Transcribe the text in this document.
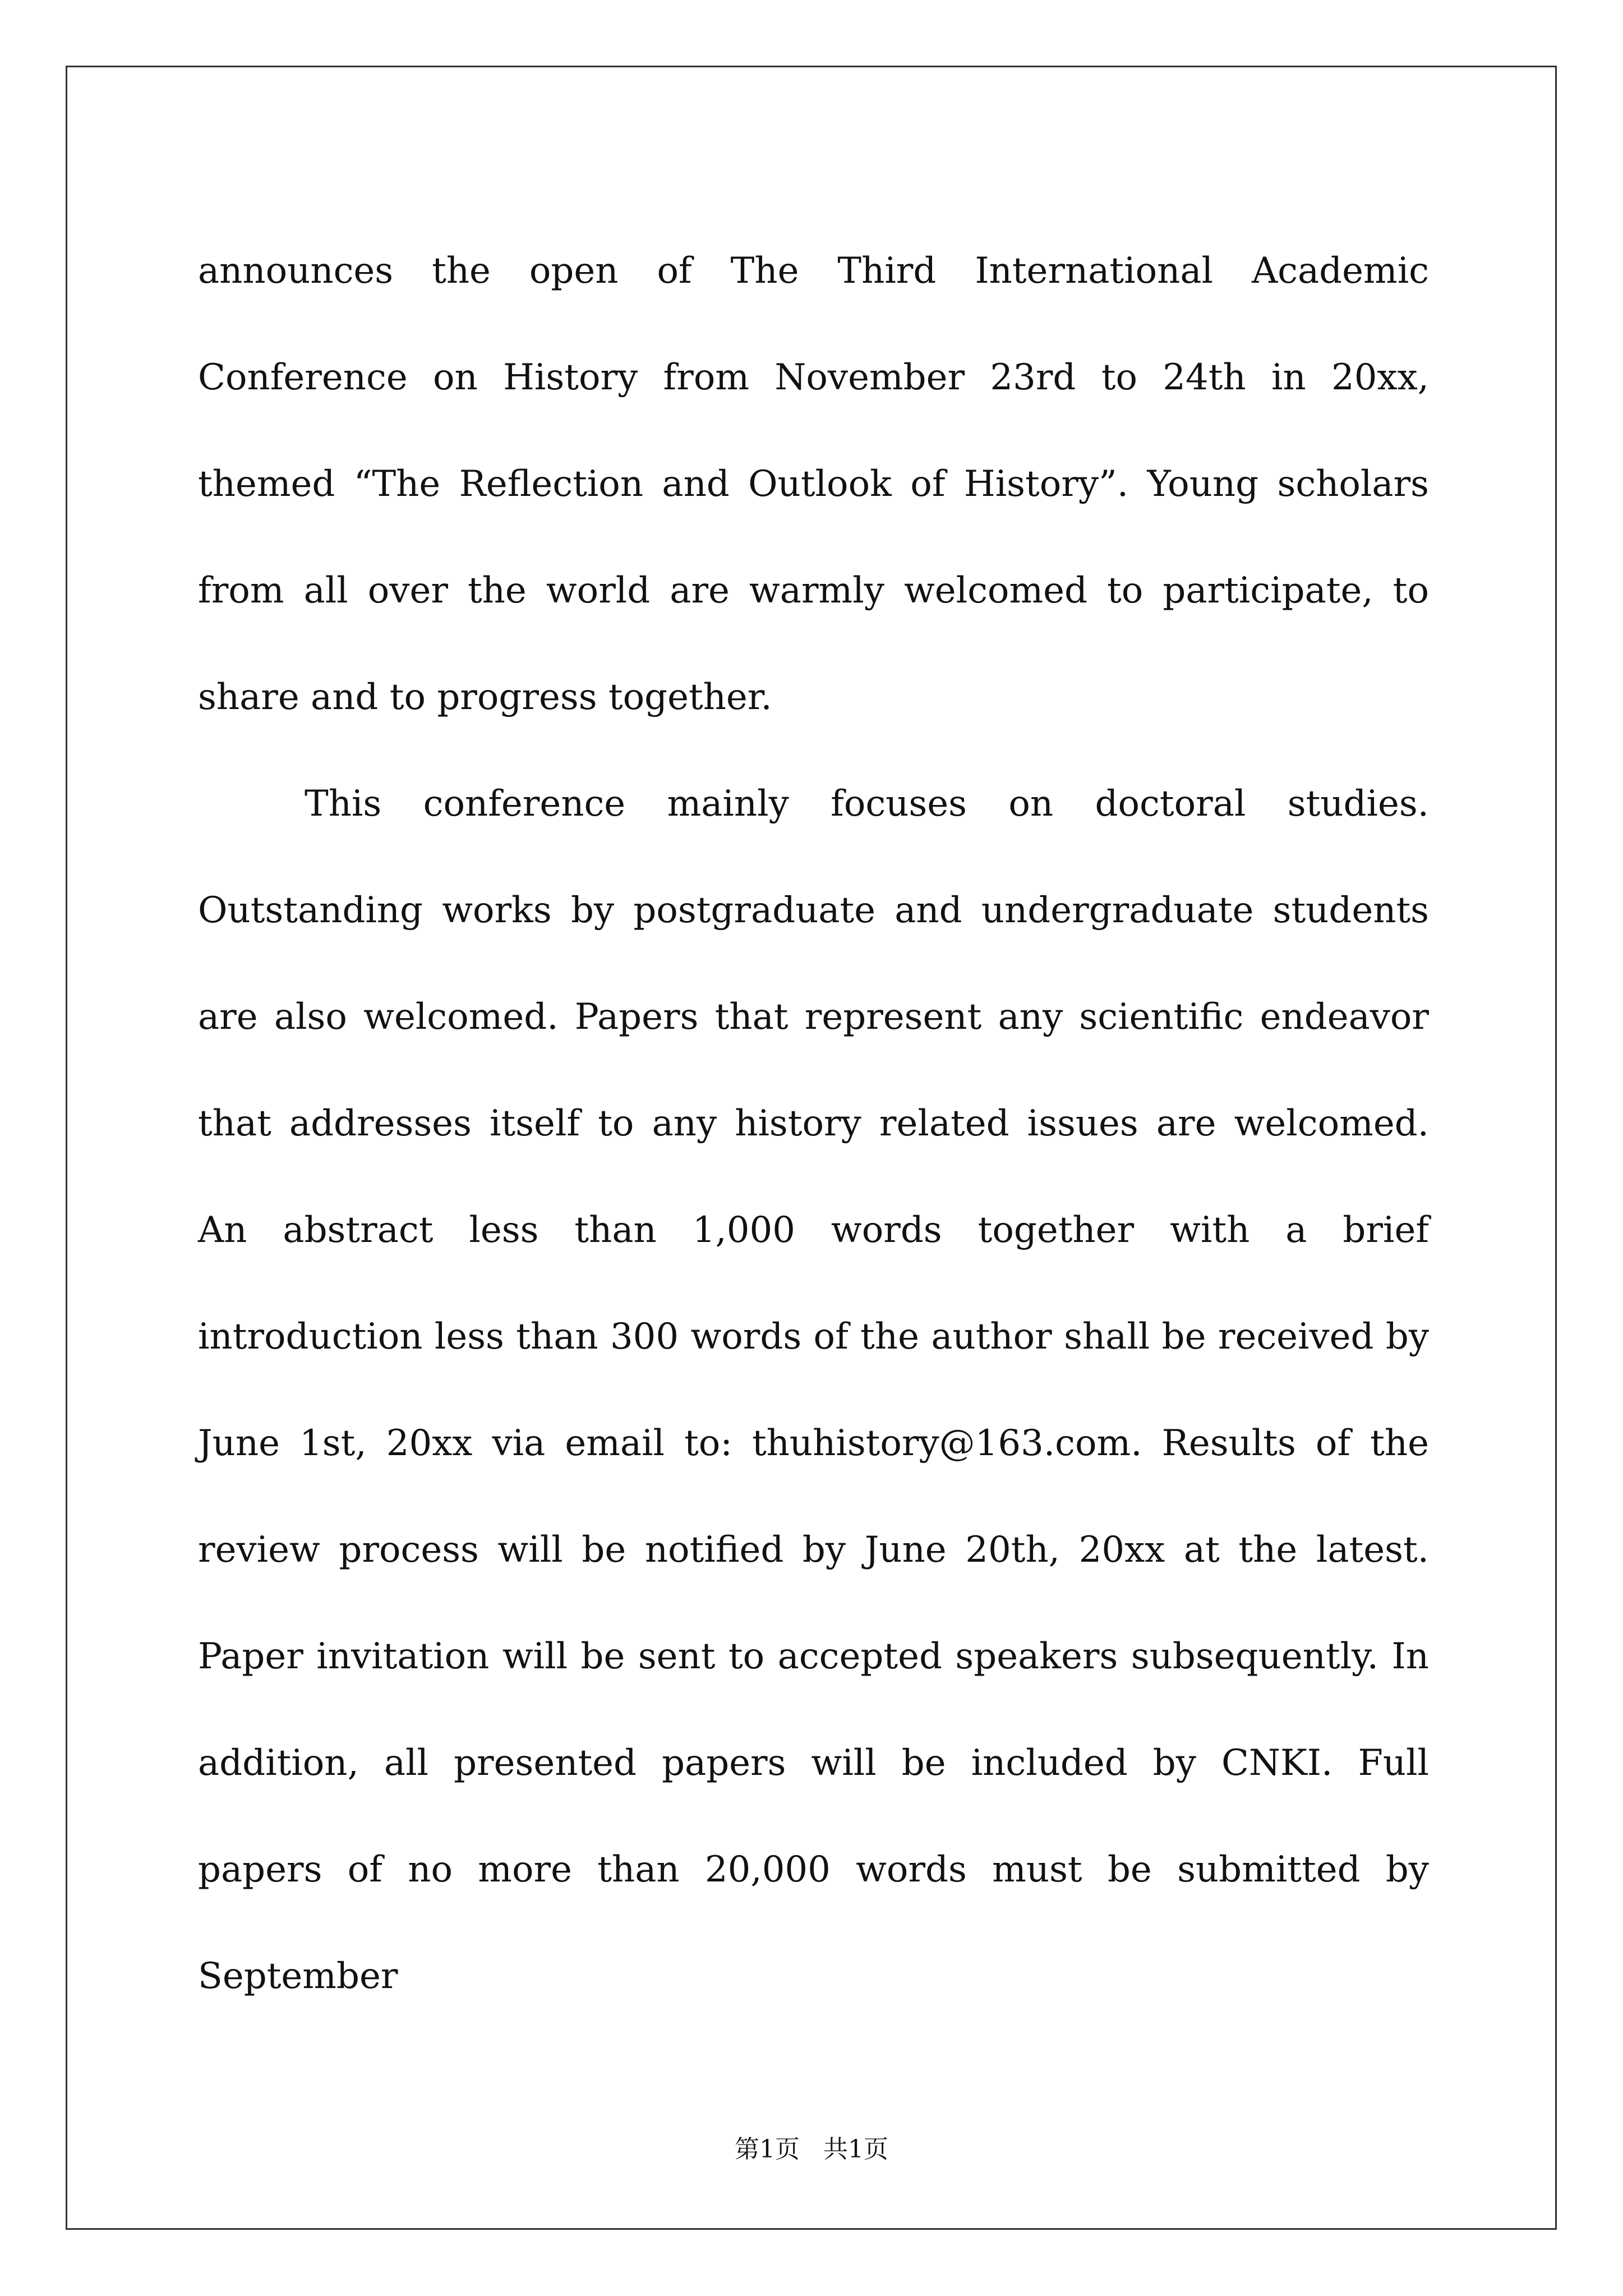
announces the open of The Third International Academic Conference on History from November 23rd to 24th in 20xx, themed “The Reflection and Outlook of History”. Young scholars from all over the world are warmly welcomed to participate, to share and to progress together.

This conference mainly focuses on doctoral studies. Outstanding works by postgraduate and undergraduate students are also welcomed. Papers that represent any scientific endeavor that addresses itself to any history related issues are welcomed. An abstract less than 1,000 words together with a brief introduction less than 300 words of the author shall be received by June 1st, 20xx via email to: thuhistory@163.com. Results of the review process will be notified by June 20th, 20xx at the latest. Paper invitation will be sent to accepted speakers subsequently. In addition, all presented papers will be included by CNKI. Full papers of no more than 20,000 words must be submitted by September

第1页 共1页
